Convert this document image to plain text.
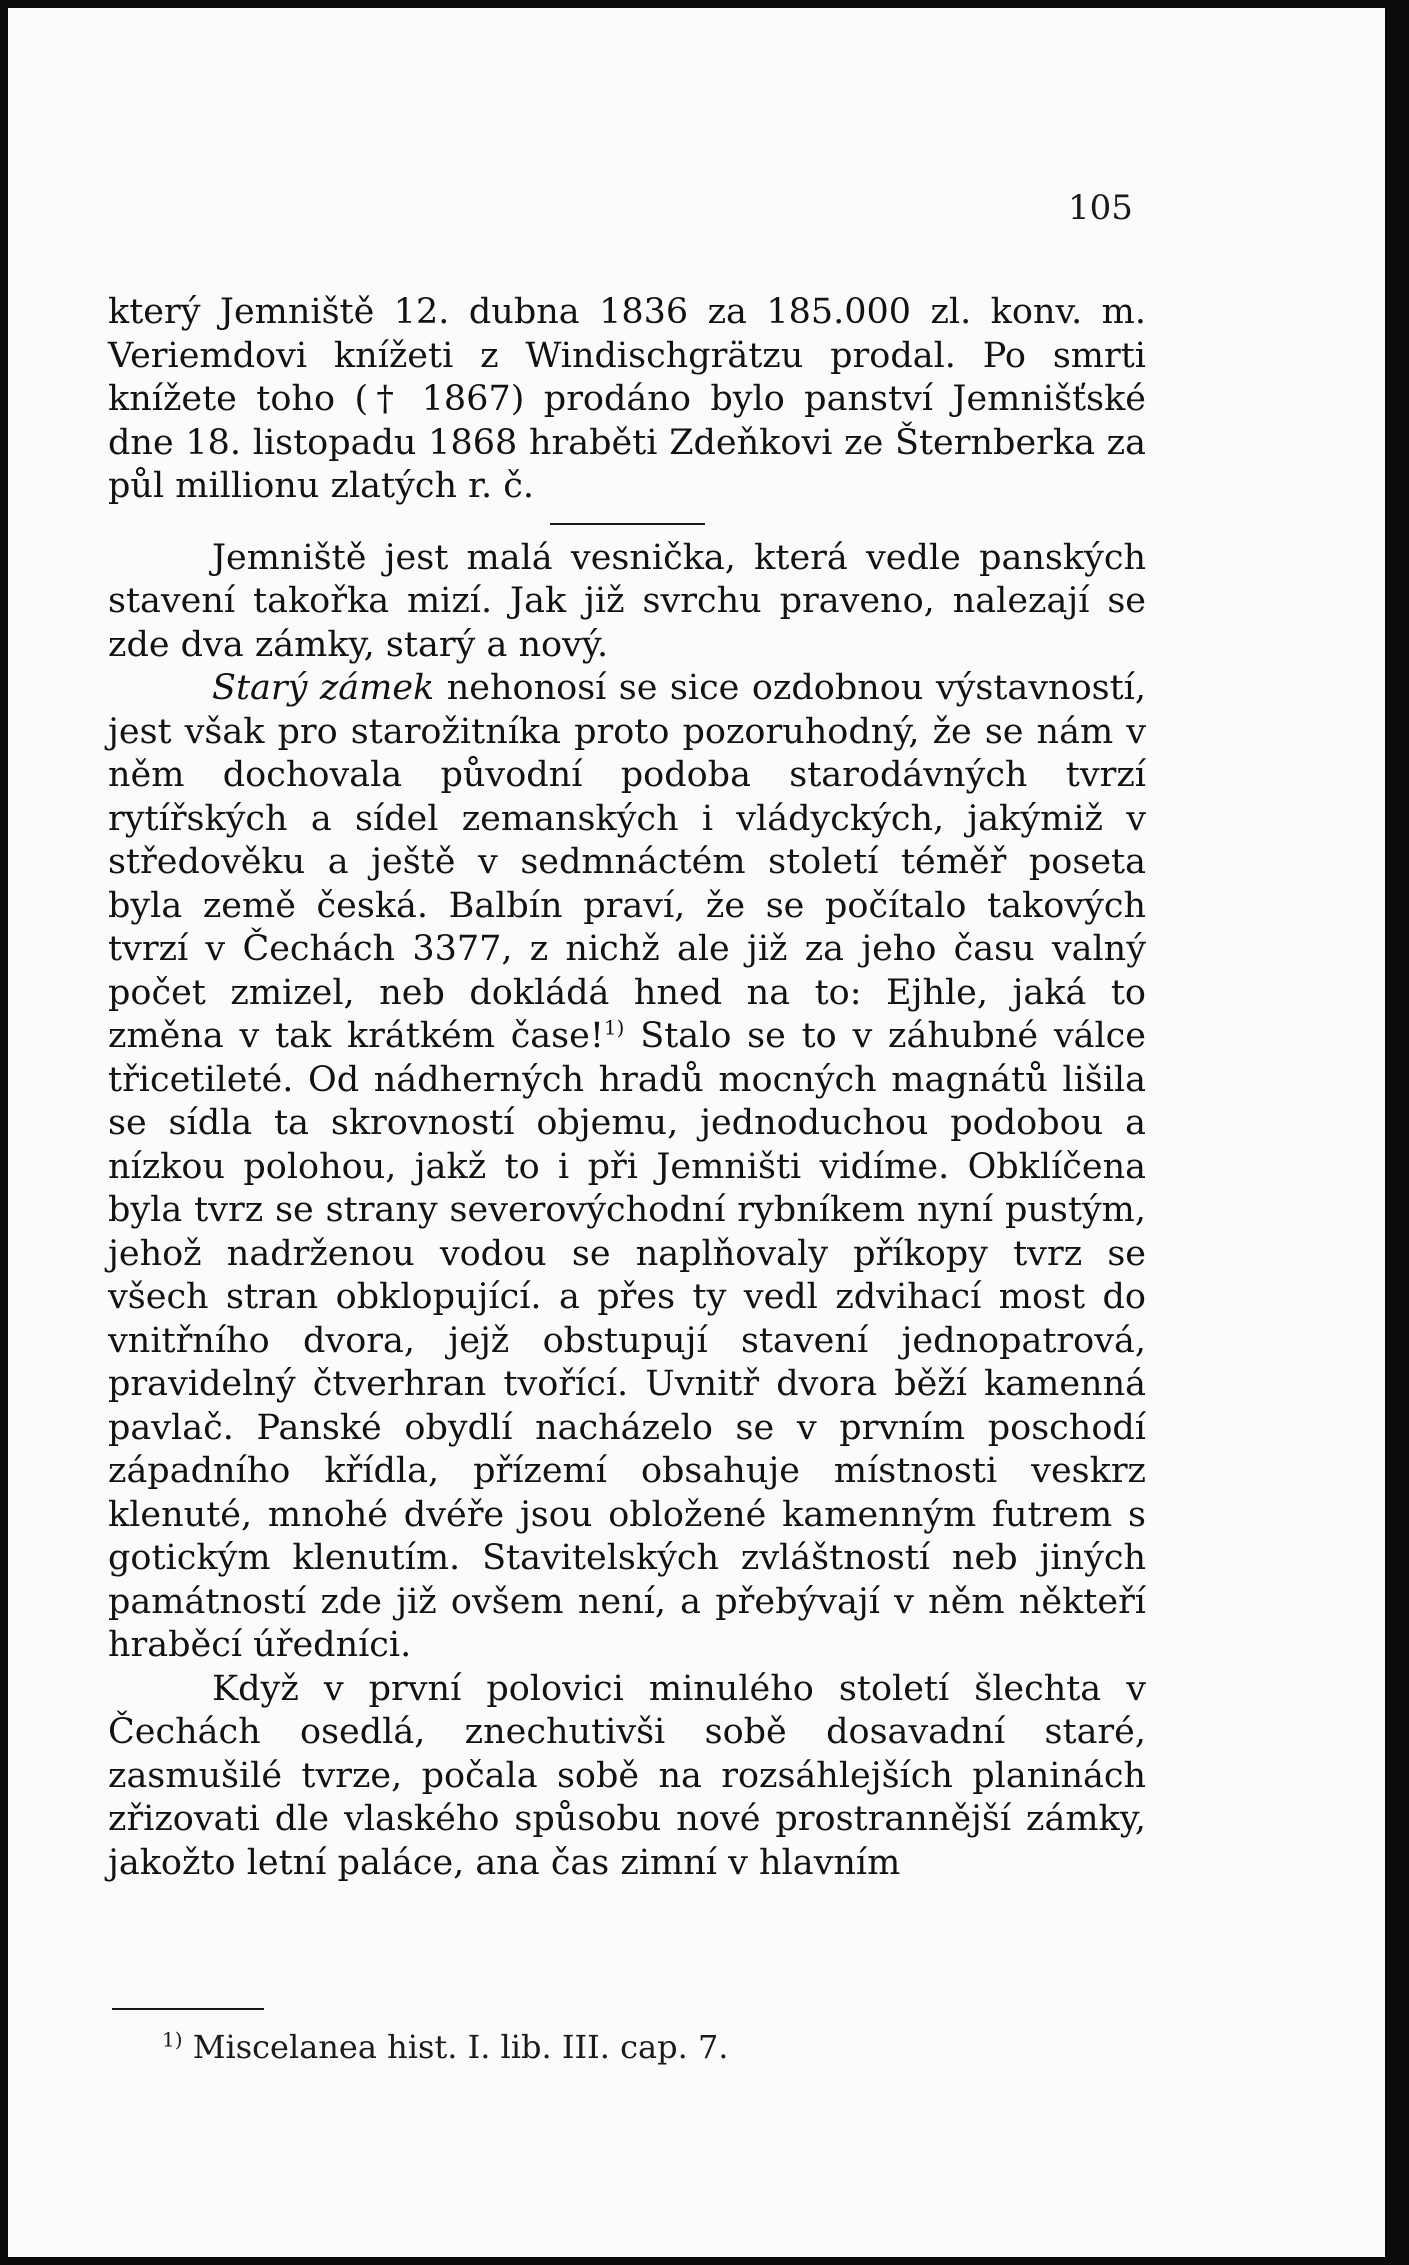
105

který Jemniště 12. dubna 1836 za 185.000 zl. konv. m. Veriemdovi knížeti z Windischgrätzu prodal. Po smrti knížete toho († 1867) prodáno bylo panství Jemnišťské dne 18. listopadu 1868 hraběti Zdeňkovi ze Šternberka za půl millionu zlatých r. č.

Jemniště jest malá vesnička, která vedle panských stavení takořka mizí. Jak již svrchu praveno, nalezají se zde dva zámky, starý a nový.

Starý zámek nehonosí se sice ozdobnou výstavností, jest však pro starožitníka proto pozoruhodný, že se nám v něm dochovala původní podoba starodávných tvrzí rytířských a sídel zemanských i vládyckých, jakýmiž v středověku a ještě v sedmnáctém století téměř poseta byla země česká. Balbín praví, že se počítalo takových tvrzí v Čechách 3377, z nichž ale již za jeho času valný počet zmizel, neb dokládá hned na to: Ejhle, jaká to změna v tak krátkém čase!$^{1)}$ Stalo se to v záhubné válce třicetileté. Od nádherných hradů mocných magnátů lišila se sídla ta skrovností objemu, jednoduchou podobou a nízkou polohou, jakž to i při Jemništi vidíme. Obklíčena byla tvrz se strany severovýchodní rybníkem nyní pustým, jehož nadrženou vodou se naplňovaly příkopy tvrz se všech stran obklopující. a přes ty vedl zdvihací most do vnitřního dvora, jejž obstupují stavení jednopatrová, pravidelný čtverhran tvořící. Uvnitř dvora běží kamenná pavlač. Panské obydlí nacházelo se v prvním poschodí západního křídla, přízemí obsahuje místnosti veskrz klenuté, mnohé dvéře jsou obložené kamenným futrem s gotickým klenutím. Stavitelských zvláštností neb jiných památností zde již ovšem není, a přebývají v něm někteří hraběcí úředníci.

Když v první polovici minulého století šlechta v Čechách osedlá, znechutivši sobě dosavadní staré, zasmušilé tvrze, počala sobě na rozsáhlejších planinách zřizovati dle vlaského spůsobu nové prostrannější zámky, jakožto letní paláce, ana čas zimní v hlavním

$^{1)}$ Miscelanea hist. I. lib. III. cap. 7.
